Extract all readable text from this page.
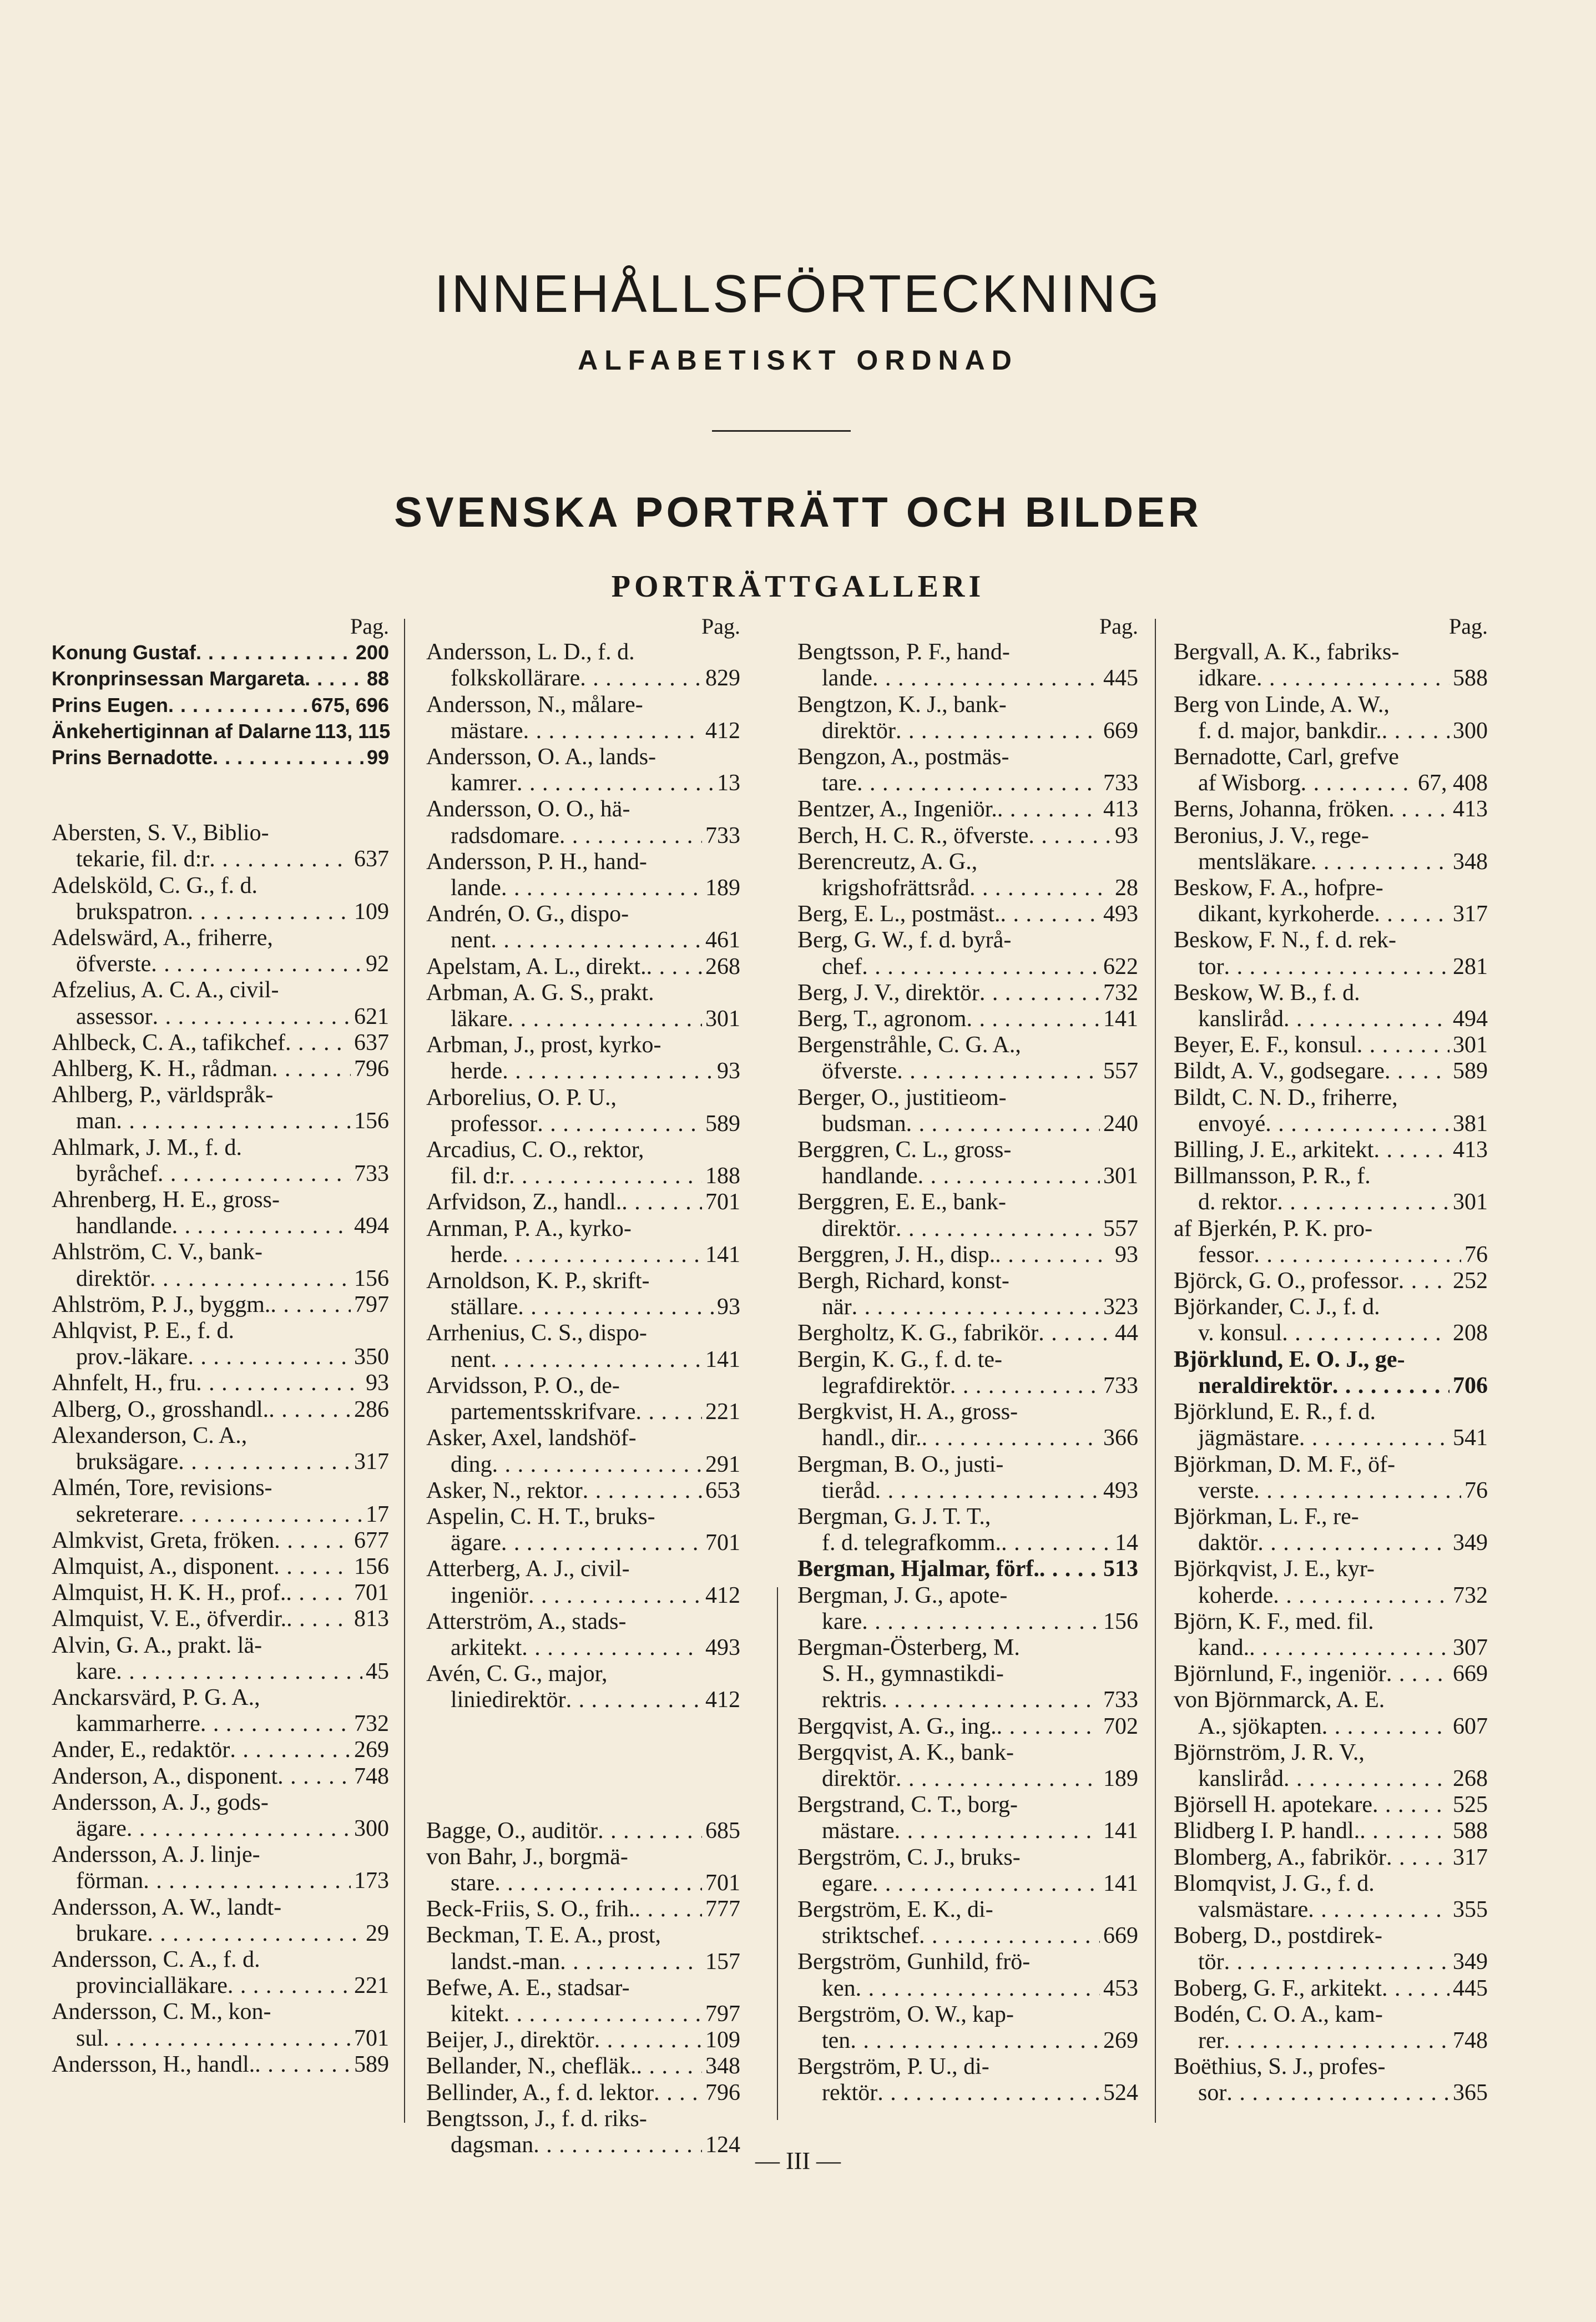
INNEHÅLLSFÖRTECKNING
ALFABETISKT ORDNAD
SVENSKA PORTRÄTT OCH BILDER
PORTRÄTTGALLERI
Pag.
Konung Gustaf . . .	200
Kronprinsessan Margareta . . .	88
Prins Eugen . . .	675, 696
Änkehertiginnan af Dalarne 113, 115
Prins Bernadotte . . .	99
Abersten, S. V., Biblio-
tekarie, fil. d:r . . .	637
Adelsköld, C. G., f. d.
brukspatron . . .	109
Adelswärd, A., friherre,
öfverste . . .	92
Afzelius, A. C. A., civil-
assessor . . .	621
Ahlbeck, C. A., tafikchef . . .	637
Ahlberg, K. H., rådman . . .	796
Ahlberg, P., världspråk-
man . . .	156
Ahlmark, J. M., f. d.
byråchef . . .	733
Ahrenberg, H. E., gross-
handlande . . .	494
Ahlström, C. V., bank-
direktör . . .	156
Ahlström, P. J., byggm. . . .	797
Ahlqvist, P. E., f. d.
prov.-läkare . . .	350
Ahnfelt, H., fru . . .	93
Alberg, O., grosshandl. . . .	286
Alexanderson, C. A.,
bruksägare . . .	317
Almén, Tore, revisions-
sekreterare . . .	17
Almkvist, Greta, fröken . . .	677
Almquist, A., disponent . . .	156
Almquist, H. K. H., prof. . . .	701
Almquist, V. E., öfverdir. . . .	813
Alvin, G. A., prakt. lä-
kare . . .	45
Anckarsvärd, P. G. A.,
kammarherre . . .	732
Ander, E., redaktör . . .	269
Anderson, A., disponent . . .	748
Andersson, A. J., gods-
ägare . . .	300
Andersson, A. J. linje-
förman . . .	173
Andersson, A. W., landt-
brukare . . .	29
Andersson, C. A., f. d.
provincialläkare . . .	221
Andersson, C. M., kon-
sul . . .	701
Andersson, H., handl. . . .	589
Pag.
Andersson, L. D., f. d.
folkskollärare . . .	829
Andersson, N., målare-
mästare . . .	412
Andersson, O. A., lands-
kamrer . . .	13
Andersson, O. O., hä-
radsdomare . . .	733
Andersson, P. H., hand-
lande . . .	189
Andrén, O. G., dispo-
nent . . .	461
Apelstam, A. L., direkt. . . .	268
Arbman, A. G. S., prakt.
läkare . . .	301
Arbman, J., prost, kyrko-
herde . . .	93
Arborelius, O. P. U.,
professor . . .	589
Arcadius, C. O., rektor,
fil. d:r . . .	188
Arfvidson, Z., handl. . . .	701
Arnman, P. A., kyrko-
herde . . .	141
Arnoldson, K. P., skrift-
ställare . . .	93
Arrhenius, C. S., dispo-
nent . . .	141
Arvidsson, P. O., de-
partementsskrifvare . . .	221
Asker, Axel, landshöf-
ding . . .	291
Asker, N., rektor . . .	653
Aspelin, C. H. T., bruks-
ägare . . .	701
Atterberg, A. J., civil-
ingeniör . . .	412
Atterström, A., stads-
arkitekt . . .	493
Avén, C. G., major,
liniedirektör . . .	412
Bagge, O., auditör . . .	685
von Bahr, J., borgmä-
stare . . .	701
Beck-Friis, S. O., frih. . . .	777
Beckman, T. E. A., prost,
landst.-man . . .	157
Befwe, A. E., stadsar-
kitekt . . .	797
Beijer, J., direktör . . .	109
Bellander, N., chefläk. . . .	348
Bellinder, A., f. d. lektor . . . 796
Bengtsson, J., f. d. riks-
dagsman . . .	124
Pag.
Bengtsson, P. F., hand-
lande . . .	445
Bengtzon, K. J., bank-
direktör . . .	669
Bengzon, A., postmäs-
tare . . .	733
Bentzer, A., Ingeniör. . . .	413
Berch, H. C. R., öfverste . . .	93
Berencreutz, A. G.,
krigshofrättsråd . . .	28
Berg, E. L., postmäst. . . .	493
Berg, G. W., f. d. byrå-
chef . . .	622
Berg, J. V., direktör . . .	732
Berg, T., agronom . . .	141
Bergenstråhle, C. G. A.,
öfverste . . .	557
Berger, O., justitieom-
budsman . . .	240
Berggren, C. L., gross-
handlande . . .	301
Berggren, E. E., bank-
direktör . . .	557
Berggren, J. H., disp. . . .	93
Bergh, Richard, konst-
när . . .	323
Bergholtz, K. G., fabrikör . . .	44
Bergin, K. G., f. d. te-
legrafdirektör . . .	733
Bergkvist, H. A., gross-
handl., dir. . . .	366
Bergman, B. O., justi-
tieråd . . .	493
Bergman, G. J. T. T.,
f. d. telegrafkomm. . . .	14
Bergman, Hjalmar, förf. . . .	513
Bergman, J. G., apote-
kare . . .	156
Bergman-Österberg, M.
S. H., gymnastikdi-
rektris . . .	733
Bergqvist, A. G., ing. . . .	702
Bergqvist, A. K., bank-
direktör . . .	189
Bergstrand, C. T., borg-
mästare . . .	141
Bergström, C. J., bruks-
egare . . .	141
Bergström, E. K., di-
striktschef . . .	669
Bergström, Gunhild, frö-
ken . . .	453
Bergström, O. W., kap-
ten . . .	269
Bergström, P. U., di-
rektör . . .	524
Pag.
Bergvall, A. K., fabriks-
idkare . . .	588
Berg von Linde, A. W.,
f. d. major, bankdir. . . .	300
Bernadotte, Carl, grefve
af Wisborg . . .	67, 408
Berns, Johanna, fröken . . .	413
Beronius, J. V., rege-
mentsläkare . . .	348
Beskow, F. A., hofpre-
dikant, kyrkoherde . . .	317
Beskow, F. N., f. d. rek-
tor . . .	281
Beskow, W. B., f. d.
kansliråd . . .	494
Beyer, E. F., konsul . . .	301
Bildt, A. V., godsegare . . .	589
Bildt, C. N. D., friherre,
envoyé . . .	381
Billing, J. E., arkitekt . . .	413
Billmansson, P. R., f.
d. rektor . . .	301
af Bjerkén, P. K. pro-
fessor . . .	76
Björck, G. O., professor . . . 252
Björkander, C. J., f. d.
v. konsul . . .	208
Björklund, E. O. J., ge-
neraldirektör . . .	706
Björklund, E. R., f. d.
jägmästare . . .	541
Björkman, D. M. F., öf-
verste . . .	76
Björkman, L. F., re-
daktör . . .	349
Björkqvist, J. E., kyr-
koherde . . .	732
Björn, K. F., med. fil.
kand. . . .	307
Björnlund, F., ingeniör . . .	669
von Björnmarck, A. E.
A., sjökapten . . .	607
Björnström, J. R. V.,
kansliråd . . .	268
Björsell H. apotekare . . .	525
Blidberg I. P. handl. . . .	588
Blomberg, A., fabrikör . . .	317
Blomqvist, J. G., f. d.
valsmästare . . .	355
Boberg, D., postdirek-
tör . . .	349
Boberg, G. F., arkitekt . . .	445
Bodén, C. O. A., kam-
rer . . .	748
Boëthius, S. J., profes-
sor . . .	365
— III —
